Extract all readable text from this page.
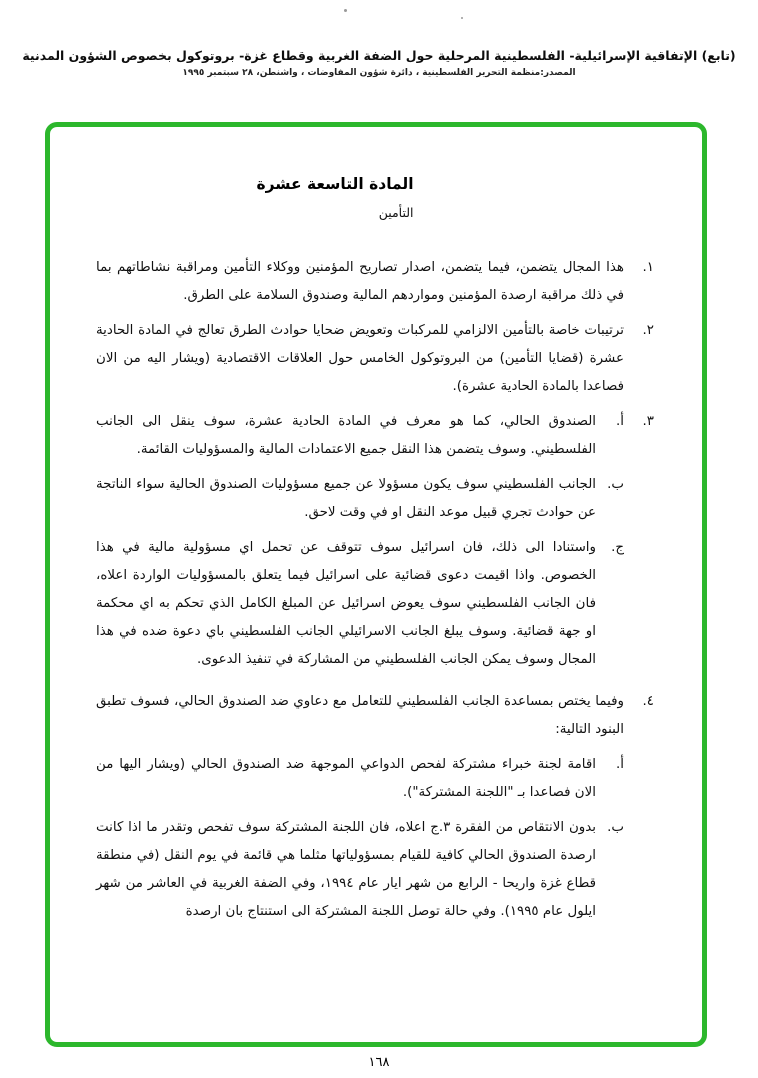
(تابع) الإتفاقية الإسرائيلية- الفلسطينية المرحلية حول الضفة الغربية وقطاع غزة- بروتوكول بخصوص الشؤون المدنية
المصدر:منظمة التحرير الفلسطينية ، دائرة شؤون المفاوضات ، واشنطن، ٢٨ سبتمبر ١٩٩٥
المادة التاسعة عشرة
التأمين
١.
هذا المجال يتضمن، فيما يتضمن، اصدار تصاريح المؤمنين ووكلاء التأمين ومراقبة نشاطاتهم بما في ذلك مراقبة ارصدة المؤمنين ومواردهم المالية وصندوق السلامة على الطرق.
٢.
ترتيبات خاصة بالتأمين الالزامي للمركبات وتعويض ضحايا حوادث الطرق تعالج في المادة الحادية عشرة (قضايا التأمين) من البروتوكول الخامس حول العلاقات الاقتصادية (ويشار اليه من الان فصاعدا بالمادة الحادية عشرة).
٣.
أ.
الصندوق الحالي، كما هو معرف في المادة الحادية عشرة، سوف ينقل الى الجانب الفلسطيني. وسوف يتضمن هذا النقل جميع الاعتمادات المالية والمسؤوليات القائمة.
ب.
الجانب الفلسطيني سوف يكون مسؤولا عن جميع مسؤوليات الصندوق الحالية سواء الناتجة عن حوادث تجري قبيل موعد النقل او في وقت لاحق.
ج.
واستنادا الى ذلك، فان اسرائيل سوف تتوقف عن تحمل اي مسؤولية مالية في هذا الخصوص. واذا اقيمت دعوى قضائية على اسرائيل فيما يتعلق بالمسؤوليات الواردة اعلاه، فان الجانب الفلسطيني سوف يعوض اسرائيل عن المبلغ الكامل الذي تحكم به اي محكمة او جهة قضائية. وسوف يبلغ الجانب الاسرائيلي الجانب الفلسطيني باي دعوة ضده في هذا المجال وسوف يمكن الجانب الفلسطيني من المشاركة في تنفيذ الدعوى.
٤.
وفيما يختص بمساعدة الجانب الفلسطيني للتعامل مع دعاوي ضد الصندوق الحالي، فسوف تطبق البنود التالية:
أ.
اقامة لجنة خبراء مشتركة لفحص الدواعي الموجهة ضد الصندوق الحالي (ويشار اليها من الان فصاعدا بـ "اللجنة المشتركة").
ب.
بدون الانتقاص من الفقرة ٣.ج اعلاه، فان اللجنة المشتركة سوف تفحص وتقدر ما اذا كانت ارصدة الصندوق الحالي كافية للقيام بمسؤولياتها مثلما هي قائمة في يوم النقل (في منطقة قطاع غزة واريحا - الرابع من شهر ايار عام ١٩٩٤، وفي الضفة الغربية في العاشر من شهر ايلول عام ١٩٩٥). وفي حالة توصل اللجنة المشتركة الى استنتاج بان ارصدة
١٦٨
